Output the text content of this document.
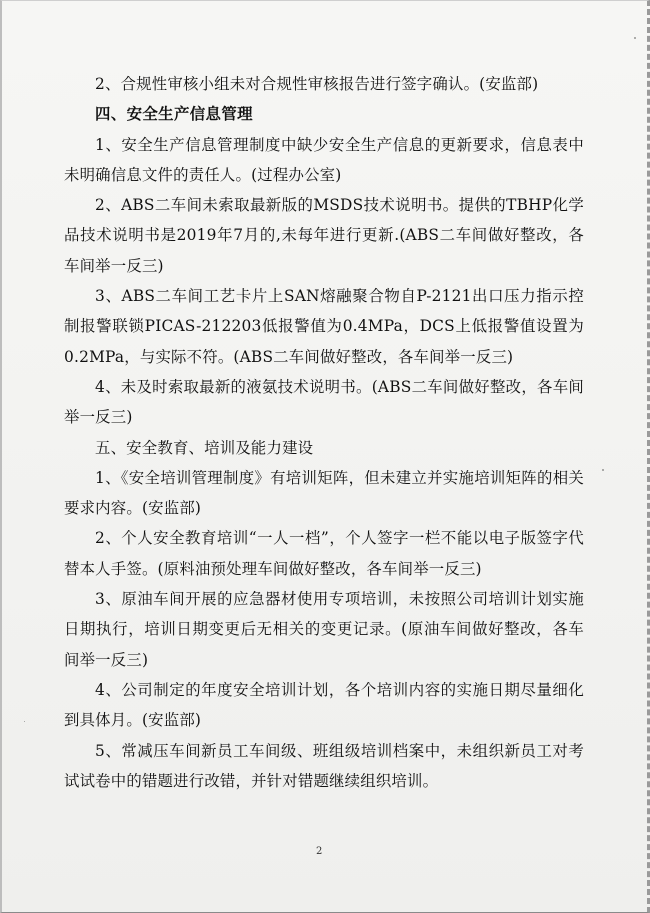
2、合规性审核小组未对合规性审核报告进行签字确认。(安监部)

四、安全生产信息管理

1、安全生产信息管理制度中缺少安全生产信息的更新要求，信息表中未明确信息文件的责任人。(过程办公室)

2、ABS二车间未索取最新版的MSDS技术说明书。提供的TBHP化学品技术说明书是2019年7月的,未每年进行更新.(ABS二车间做好整改，各车间举一反三)

3、ABS二车间工艺卡片上SAN熔融聚合物自P-2121出口压力指示控制报警联锁PICAS-212203低报警值为0.4MPa，DCS上低报警值设置为0.2MPa，与实际不符。(ABS二车间做好整改，各车间举一反三)

4、未及时索取最新的液氨技术说明书。(ABS二车间做好整改，各车间举一反三)

五、安全教育、培训及能力建设

1、《安全培训管理制度》有培训矩阵，但未建立并实施培训矩阵的相关要求内容。(安监部)

2、个人安全教育培训“一人一档”，个人签字一栏不能以电子版签字代替本人手签。(原料油预处理车间做好整改，各车间举一反三)

3、原油车间开展的应急器材使用专项培训，未按照公司培训计划实施日期执行，培训日期变更后无相关的变更记录。(原油车间做好整改，各车间举一反三)

4、公司制定的年度安全培训计划，各个培训内容的实施日期尽量细化到具体月。(安监部)

5、常减压车间新员工车间级、班组级培训档案中，未组织新员工对考试试卷中的错题进行改错，并针对错题继续组织培训。

2
